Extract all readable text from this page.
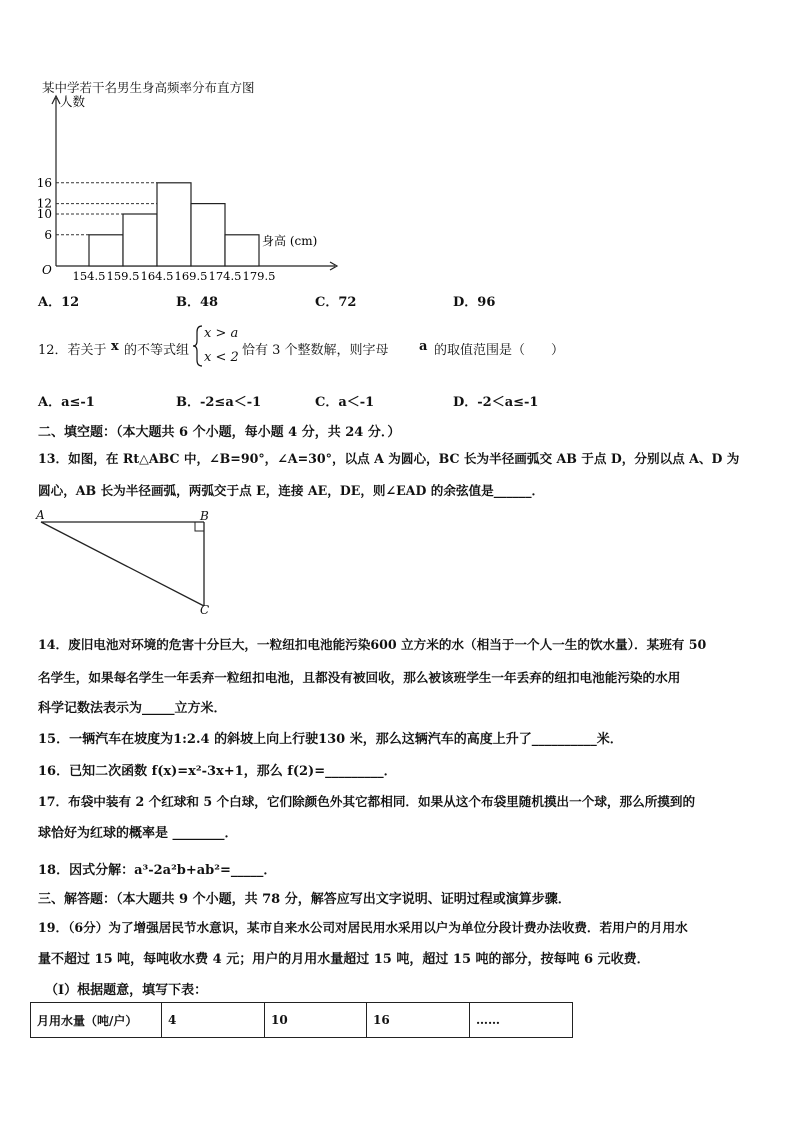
某中学若干名男生身高频率分布直方图
6
10
12
16
154.5 159.5 164.5 169.5 174.5 179.5
O
人数
身高 (cm)
A．12	B．48	C．72	D．96
12．若关于 x 的不等式组
x > a
x < 2 恰有 3 个整数解，则字母 a 的取值范围是（　　）
A．a≤-1	B．-2≤a＜-1	C．a＜-1	D．-2＜a≤-1
二、填空题：（本大题共 6 个小题，每小题 4 分，共 24 分．）
13．如图，在 Rt△ABC 中，∠B=90°，∠A=30°，以点 A 为圆心，BC 长为半径画弧交 AB 于点 D，分别以点 A、D 为
圆心，AB 长为半径画弧，两弧交于点 E，连接 AE，DE，则∠EAD 的余弦值是______．
A	B
C
14．废旧电池对环境的危害十分巨大，一粒纽扣电池能污染600 立方米的水（相当于一个人一生的饮水量）．某班有 50
名学生，如果每名学生一年丢弃一粒纽扣电池，且都没有被回收，那么被该班学生一年丢弃的纽扣电池能污染的水用
科学记数法表示为_____立方米．
15．一辆汽车在坡度为1:2.4 的斜坡上向上行驶130 米，那么这辆汽车的高度上升了__________米．
16．已知二次函数 f(x)=x²-3x+1，那么 f(2)=_________．
17．布袋中装有 2 个红球和 5 个白球，它们除颜色外其它都相同．如果从这个布袋里随机摸出一个球，那么所摸到的
球恰好为红球的概率是 ________．
18．因式分解：a³-2a²b+ab²=_____．
三、解答题：（本大题共 9 个小题，共 78 分，解答应写出文字说明、证明过程或演算步骤．
19．（6分）为了增强居民节水意识，某市自来水公司对居民用水采用以户为单位分段计费办法收费．若用户的月用水
量不超过 15 吨，每吨收水费 4 元；用户的月用水量超过 15 吨，超过 15 吨的部分，按每吨 6 元收费．
（I）根据题意，填写下表：
月用水量（吨/户）	4	10	16	……
